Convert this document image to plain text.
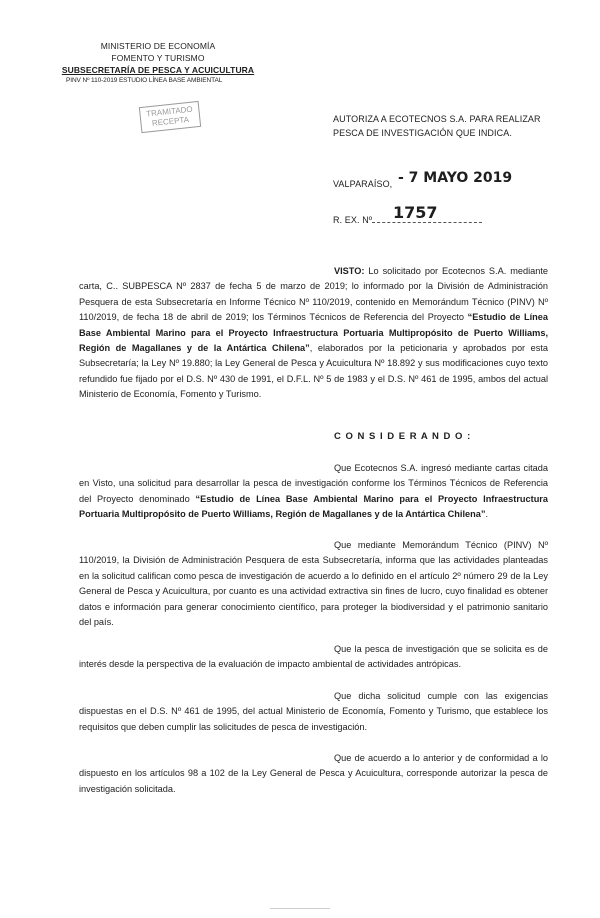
MINISTERIO DE ECONOMÍA
FOMENTO Y TURISMO
SUBSECRETARÍA DE PESCA Y ACUICULTURA
PINV Nº 110-2019 ESTUDIO LÍNEA BASE AMBIENTAL
TRAMITADO
RECEPTA	AUTORIZA A ECOTECNOS S.A. PARA REALIZAR
PESCA DE INVESTIGACIÓN QUE INDICA.
VALPARAÍSO, - 7 MAYO 2019
R. EX. Nº 1757
VISTO: Lo solicitado por Ecotecnos S.A. mediante carta, C.. SUBPESCA Nº 2837 de fecha 5 de marzo de 2019; lo informado por la División de Administración Pesquera de esta Subsecretaría en Informe Técnico Nº 110/2019, contenido en Memorándum Técnico (PINV) Nº 110/2019, de fecha 18 de abril de 2019; los Términos Técnicos de Referencia del Proyecto “Estudio de Línea Base Ambiental Marino para el Proyecto Infraestructura Portuaria Multipropósito de Puerto Williams, Región de Magallanes y de la Antártica Chilena”, elaborados por la peticionaria y aprobados por esta Subsecretaría; la Ley Nº 19.880; la Ley General de Pesca y Acuicultura Nº 18.892 y sus modificaciones cuyo texto refundido fue fijado por el D.S. Nº 430 de 1991, el D.F.L. Nº 5 de 1983 y el D.S. Nº 461 de 1995, ambos del actual Ministerio de Economía, Fomento y Turismo.
C O N S I D E R A N D O :
Que Ecotecnos S.A. ingresó mediante cartas citada en Visto, una solicitud para desarrollar la pesca de investigación conforme los Términos Técnicos de Referencia del Proyecto denominado “Estudio de Línea Base Ambiental Marino para el Proyecto Infraestructura Portuaria Multipropósito de Puerto Williams, Región de Magallanes y de la Antártica Chilena”.
Que mediante Memorándum Técnico (PINV) Nº 110/2019, la División de Administración Pesquera de esta Subsecretaría, informa que las actividades planteadas en la solicitud califican como pesca de investigación de acuerdo a lo definido en el artículo 2º número 29 de la Ley General de Pesca y Acuicultura, por cuanto es una actividad extractiva sin fines de lucro, cuyo finalidad es obtener datos e información para generar conocimiento científico, para proteger la biodiversidad y el patrimonio sanitario del país.
Que la pesca de investigación que se solicita es de interés desde la perspectiva de la evaluación de impacto ambiental de actividades antrópicas.
Que dicha solicitud cumple con las exigencias dispuestas en el D.S. Nº 461 de 1995, del actual Ministerio de Economía, Fomento y Turismo, que establece los requisitos que deben cumplir las solicitudes de pesca de investigación.
Que de acuerdo a lo anterior y de conformidad a lo dispuesto en los artículos 98 a 102 de la Ley General de Pesca y Acuicultura, corresponde autorizar la pesca de investigación solicitada.
